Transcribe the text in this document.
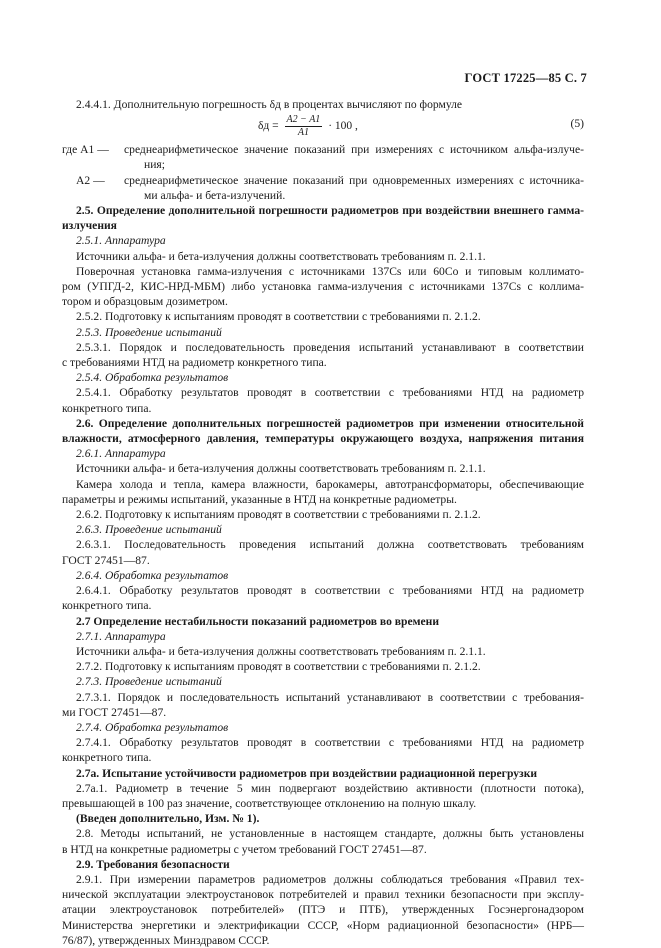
ГОСТ 17225—85 С. 7
2.4.4.1. Дополнительную погрешность δд в процентах вычисляют по формуле
$\delta д = \frac{A2 - A1}{A1} \cdot 100$ ,	(5)
где A1 —	среднеарифметическое значение показаний при измерениях с источником альфа-излуче-
ния;
A2 —	среднеарифметическое значение показаний при одновременных измерениях с источника-
ми альфа- и бета-излучений.
2.5. Определение дополнительной погрешности радиометров при воздействии внешнего гамма-
излучения
2.5.1. Аппаратура
Источники альфа- и бета-излучения должны соответствовать требованиям п. 2.1.1.
Поверочная установка гамма-излучения с источниками 137Cs или 60Co и типовым коллимато-
ром (УПГД-2, КИС-НРД-МБМ) либо установка гамма-излучения с источниками 137Cs с коллима-
тором и образцовым дозиметром.
2.5.2. Подготовку к испытаниям проводят в соответствии с требованиями п. 2.1.2.
2.5.3. Проведение испытаний
2.5.3.1. Порядок и последовательность проведения испытаний устанавливают в соответствии
с требованиями НТД на радиометр конкретного типа.
2.5.4. Обработка результатов
2.5.4.1. Обработку результатов проводят в соответствии с требованиями НТД на радиометр
конкретного типа.
2.6. Определение дополнительных погрешностей радиометров при изменении относительной
влажности, атмосферного давления, температуры окружающего воздуха, напряжения питания
2.6.1. Аппаратура
Источники альфа- и бета-излучения должны соответствовать требованиям п. 2.1.1.
Камера холода и тепла, камера влажности, барокамеры, автотрансформаторы, обеспечивающие
параметры и режимы испытаний, указанные в НТД на конкретные радиометры.
2.6.2. Подготовку к испытаниям проводят в соответствии с требованиями п. 2.1.2.
2.6.3. Проведение испытаний
2.6.3.1. Последовательность проведения испытаний должна соответствовать требованиям
ГОСТ 27451—87.
2.6.4. Обработка результатов
2.6.4.1. Обработку результатов проводят в соответствии с требованиями НТД на радиометр
конкретного типа.
2.7 Определение нестабильности показаний радиометров во времени
2.7.1. Аппаратура
Источники альфа- и бета-излучения должны соответствовать требованиям п. 2.1.1.
2.7.2. Подготовку к испытаниям проводят в соответствии с требованиями п. 2.1.2.
2.7.3. Проведение испытаний
2.7.3.1. Порядок и последовательность испытаний устанавливают в соответствии с требования-
ми ГОСТ 27451—87.
2.7.4. Обработка результатов
2.7.4.1. Обработку результатов проводят в соответствии с требованиями НТД на радиометр
конкретного типа.
2.7а. Испытание устойчивости радиометров при воздействии радиационной перегрузки
2.7а.1. Радиометр в течение 5 мин подвергают воздействию активности (плотности потока),
превышающей в 100 раз значение, соответствующее отклонению на полную шкалу.
(Введен дополнительно, Изм. № 1).
2.8. Методы испытаний, не установленные в настоящем стандарте, должны быть установлены
в НТД на конкретные радиометры с учетом требований ГОСТ 27451—87.
2.9. Требования безопасности
2.9.1. При измерении параметров радиометров должны соблюдаться требования «Правил тех-
нической эксплуатации электроустановок потребителей и правил техники безопасности при эксплу-
атации электроустановок потребителей» (ПТЭ и ПТБ), утвержденных Госэнергонадзором
Министерства энергетики и электрификации СССР, «Норм радиационной безопасности» (НРБ—
76/87), утвержденных Минздравом СССР.
